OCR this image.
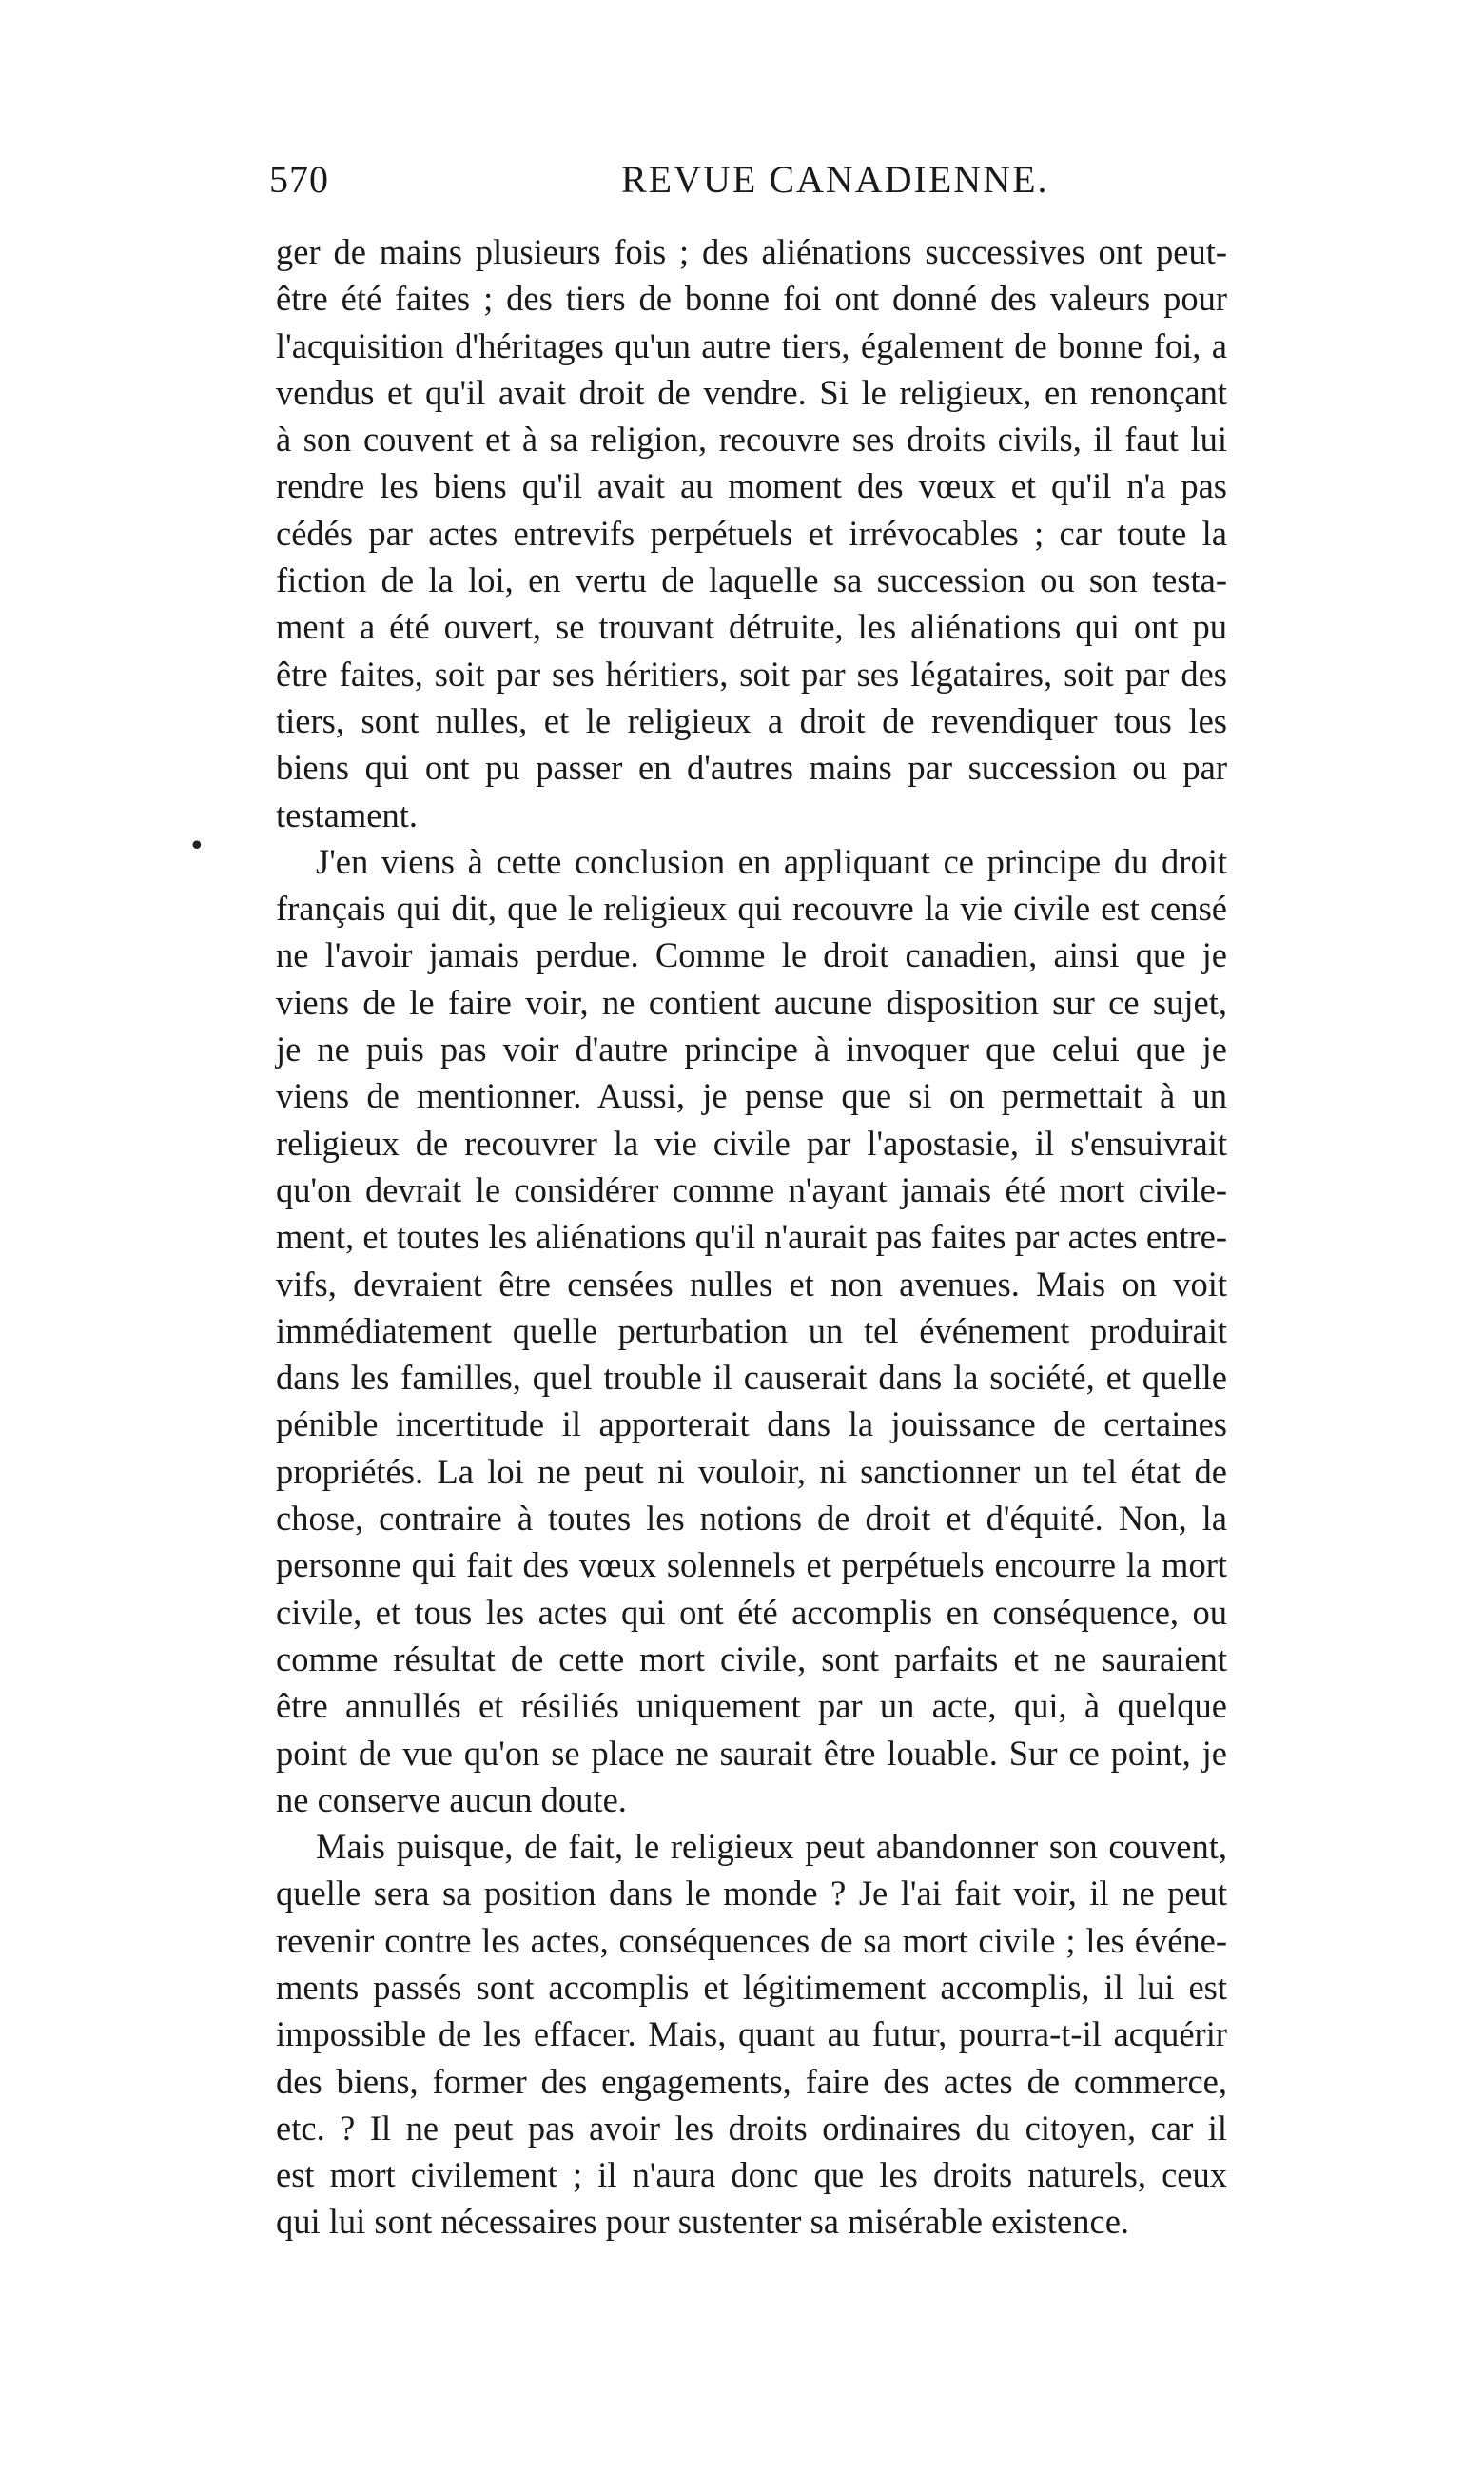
570	REVUE CANADIENNE.
•
ger de mains plusieurs fois ; des aliénations successives ont peut-
être été faites ; des tiers de bonne foi ont donné des valeurs pour
l'acquisition d'héritages qu'un autre tiers, également de bonne foi, a
vendus et qu'il avait droit de vendre. Si le religieux, en renonçant
à son couvent et à sa religion, recouvre ses droits civils, il faut lui
rendre les biens qu'il avait au moment des vœux et qu'il n'a pas
cédés par actes entrevifs perpétuels et irrévocables ; car toute la
fiction de la loi, en vertu de laquelle sa succession ou son testa-
ment a été ouvert, se trouvant détruite, les aliénations qui ont pu
être faites, soit par ses héritiers, soit par ses légataires, soit par des
tiers, sont nulles, et le religieux a droit de revendiquer tous les
biens qui ont pu passer en d'autres mains par succession ou par
testament.
J'en viens à cette conclusion en appliquant ce principe du droit
français qui dit, que le religieux qui recouvre la vie civile est censé
ne l'avoir jamais perdue. Comme le droit canadien, ainsi que je
viens de le faire voir, ne contient aucune disposition sur ce sujet,
je ne puis pas voir d'autre principe à invoquer que celui que je
viens de mentionner. Aussi, je pense que si on permettait à un
religieux de recouvrer la vie civile par l'apostasie, il s'ensuivrait
qu'on devrait le considérer comme n'ayant jamais été mort civile-
ment, et toutes les aliénations qu'il n'aurait pas faites par actes entre-
vifs, devraient être censées nulles et non avenues. Mais on voit
immédiatement quelle perturbation un tel événement produirait
dans les familles, quel trouble il causerait dans la société, et quelle
pénible incertitude il apporterait dans la jouissance de certaines
propriétés. La loi ne peut ni vouloir, ni sanctionner un tel état de
chose, contraire à toutes les notions de droit et d'équité. Non, la
personne qui fait des vœux solennels et perpétuels encourre la mort
civile, et tous les actes qui ont été accomplis en conséquence, ou
comme résultat de cette mort civile, sont parfaits et ne sauraient
être annullés et résiliés uniquement par un acte, qui, à quelque
point de vue qu'on se place ne saurait être louable. Sur ce point, je
ne conserve aucun doute.
Mais puisque, de fait, le religieux peut abandonner son couvent,
quelle sera sa position dans le monde ? Je l'ai fait voir, il ne peut
revenir contre les actes, conséquences de sa mort civile ; les événe-
ments passés sont accomplis et légitimement accomplis, il lui est
impossible de les effacer. Mais, quant au futur, pourra-t-il acquérir
des biens, former des engagements, faire des actes de commerce,
etc. ? Il ne peut pas avoir les droits ordinaires du citoyen, car il
est mort civilement ; il n'aura donc que les droits naturels, ceux
qui lui sont nécessaires pour sustenter sa misérable existence.
